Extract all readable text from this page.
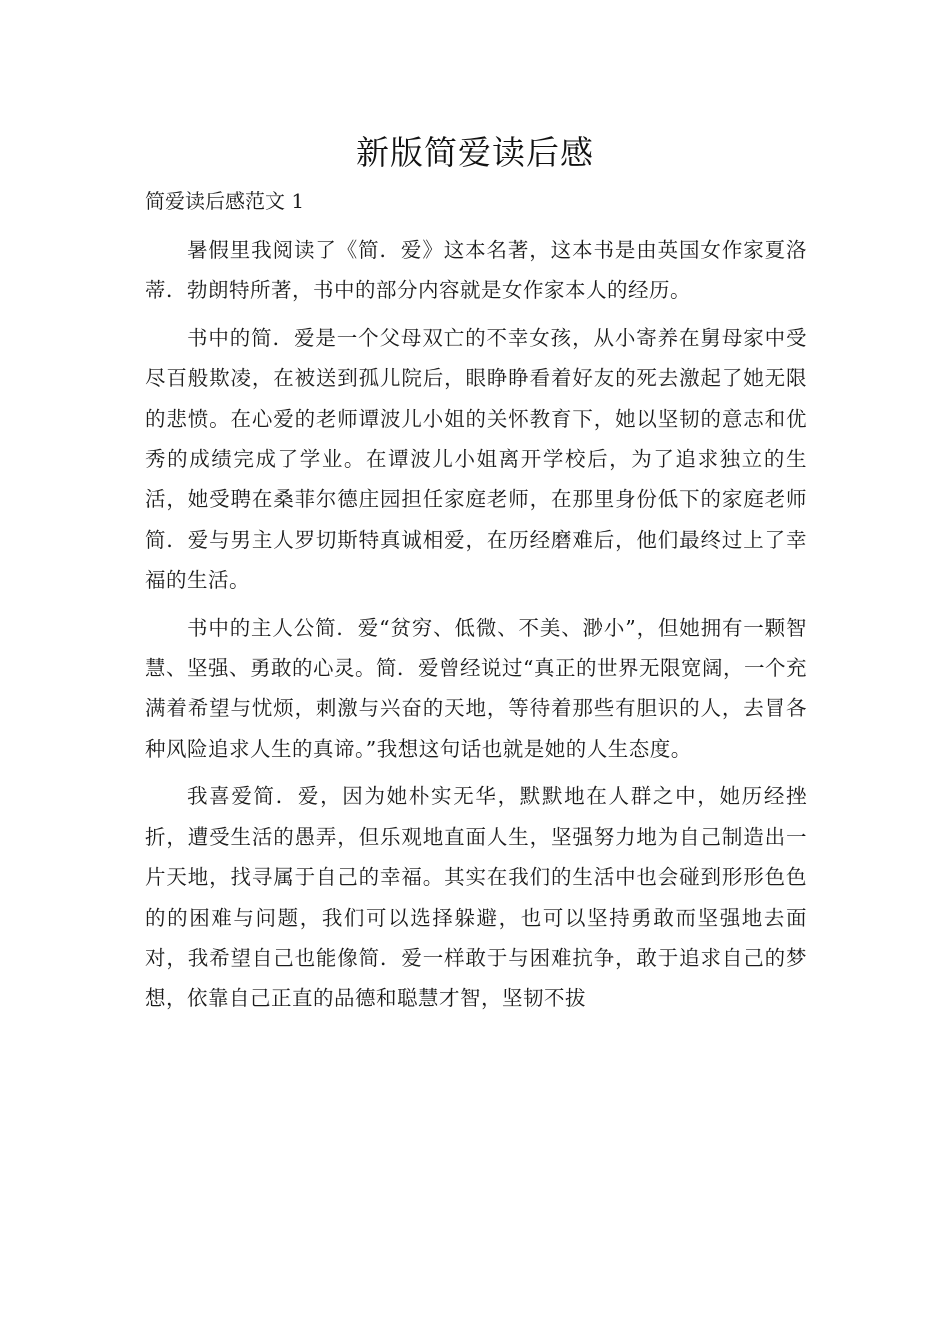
新版简爱读后感

简爱读后感范文 1

暑假里我阅读了《简．爱》这本名著，这本书是由英国女作家夏洛蒂．勃朗特所著，书中的部分内容就是女作家本人的经历。

书中的简．爱是一个父母双亡的不幸女孩，从小寄养在舅母家中受尽百般欺凌，在被送到孤儿院后，眼睁睁看着好友的死去激起了她无限的悲愤。在心爱的老师谭波儿小姐的关怀教育下，她以坚韧的意志和优秀的成绩完成了学业。在谭波儿小姐离开学校后，为了追求独立的生活，她受聘在桑菲尔德庄园担任家庭老师，在那里身份低下的家庭老师简．爱与男主人罗切斯特真诚相爱，在历经磨难后，他们最终过上了幸福的生活。

书中的主人公简．爱“贫穷、低微、不美、渺小”，但她拥有一颗智慧、坚强、勇敢的心灵。简．爱曾经说过“真正的世界无限宽阔，一个充满着希望与忧烦，刺激与兴奋的天地，等待着那些有胆识的人，去冒各种风险追求人生的真谛。”我想这句话也就是她的人生态度。

我喜爱简．爱，因为她朴实无华，默默地在人群之中，她历经挫折，遭受生活的愚弄，但乐观地直面人生，坚强努力地为自己制造出一片天地，找寻属于自己的幸福。其实在我们的生活中也会碰到形形色色的的困难与问题，我们可以选择躲避，也可以坚持勇敢而坚强地去面对，我希望自己也能像简．爱一样敢于与困难抗争，敢于追求自己的梦想，依靠自己正直的品德和聪慧才智，坚韧不拔
